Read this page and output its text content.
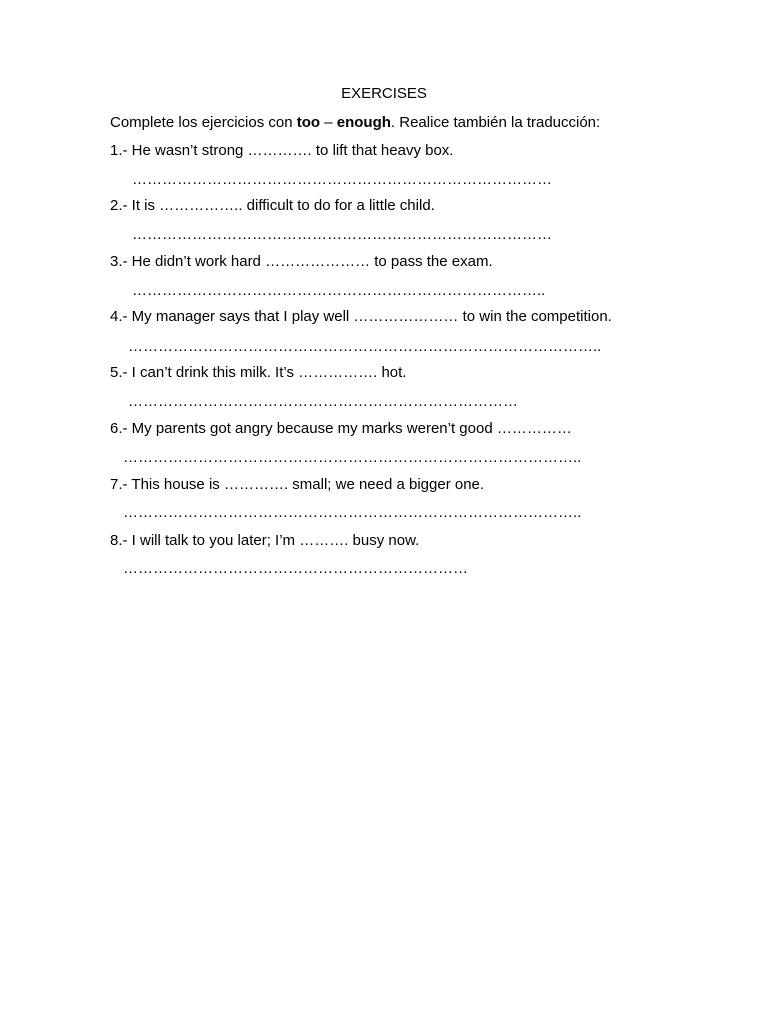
EXERCISES
Complete los ejercicios con too – enough. Realice también la traducción:
1.- He wasn’t strong …………. to lift that heavy box.
…………………………………………………………………………
2.- It is …………….. difficult to do for a little child.
…………………………………………………………………………
3.- He didn’t work hard ………………… to pass the exam.
………………………………………………………………………..
4.- My manager says that I play well ………………… to win the competition.
…………………………………………………………………………………..
5.- I can’t drink this milk. It’s ……………. hot.
……………………………………………………………………
6.- My parents got angry because my marks weren’t good ……………
………………………………………………………………………………..
7.- This house is …………. small; we need a bigger one.
………………………………………………………………………………..
8.- I will talk to you later; I’m ………. busy now.
……………………………………………………………
